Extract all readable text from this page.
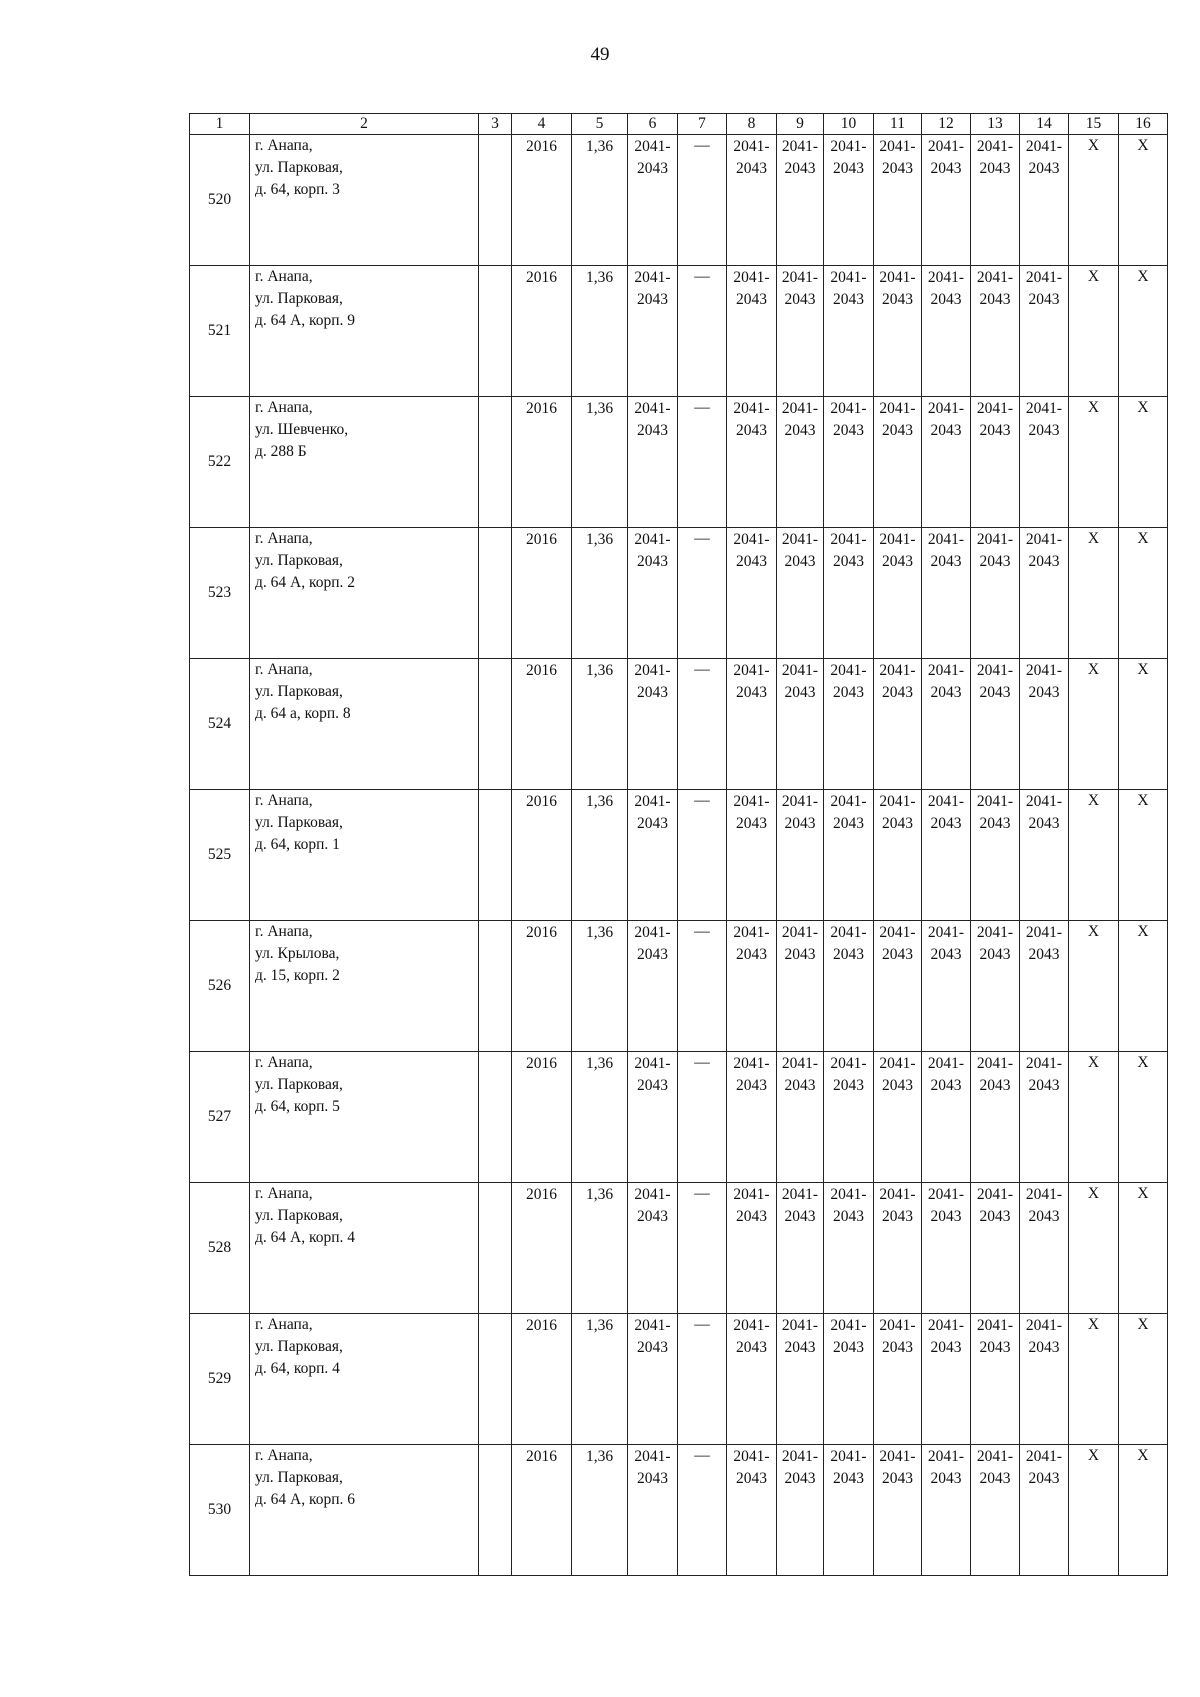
49
1	2	3	4	5	6	7	8	9	10	11	12	13	14	15	16
520	г. Анапа,
ул. Парковая,
д. 64, корп. 3		2016	1,36	2041-
2043	—	2041-
2043	2041-
2043	2041-
2043	2041-
2043	2041-
2043	2041-
2043	2041-
2043	X	X
521	г. Анапа,
ул. Парковая,
д. 64 А, корп. 9		2016	1,36	2041-
2043	—	2041-
2043	2041-
2043	2041-
2043	2041-
2043	2041-
2043	2041-
2043	2041-
2043	X	X
522	г. Анапа,
ул. Шевченко,
д. 288 Б		2016	1,36	2041-
2043	—	2041-
2043	2041-
2043	2041-
2043	2041-
2043	2041-
2043	2041-
2043	2041-
2043	X	X
523	г. Анапа,
ул. Парковая,
д. 64 А, корп. 2		2016	1,36	2041-
2043	—	2041-
2043	2041-
2043	2041-
2043	2041-
2043	2041-
2043	2041-
2043	2041-
2043	X	X
524	г. Анапа,
ул. Парковая,
д. 64 а, корп. 8		2016	1,36	2041-
2043	—	2041-
2043	2041-
2043	2041-
2043	2041-
2043	2041-
2043	2041-
2043	2041-
2043	X	X
525	г. Анапа,
ул. Парковая,
д. 64, корп. 1		2016	1,36	2041-
2043	—	2041-
2043	2041-
2043	2041-
2043	2041-
2043	2041-
2043	2041-
2043	2041-
2043	X	X
526	г. Анапа,
ул. Крылова,
д. 15, корп. 2		2016	1,36	2041-
2043	—	2041-
2043	2041-
2043	2041-
2043	2041-
2043	2041-
2043	2041-
2043	2041-
2043	X	X
527	г. Анапа,
ул. Парковая,
д. 64, корп. 5		2016	1,36	2041-
2043	—	2041-
2043	2041-
2043	2041-
2043	2041-
2043	2041-
2043	2041-
2043	2041-
2043	X	X
528	г. Анапа,
ул. Парковая,
д. 64 А, корп. 4		2016	1,36	2041-
2043	—	2041-
2043	2041-
2043	2041-
2043	2041-
2043	2041-
2043	2041-
2043	2041-
2043	X	X
529	г. Анапа,
ул. Парковая,
д. 64, корп. 4		2016	1,36	2041-
2043	—	2041-
2043	2041-
2043	2041-
2043	2041-
2043	2041-
2043	2041-
2043	2041-
2043	X	X
530	г. Анапа,
ул. Парковая,
д. 64 А, корп. 6		2016	1,36	2041-
2043	—	2041-
2043	2041-
2043	2041-
2043	2041-
2043	2041-
2043	2041-
2043	2041-
2043	X	X
